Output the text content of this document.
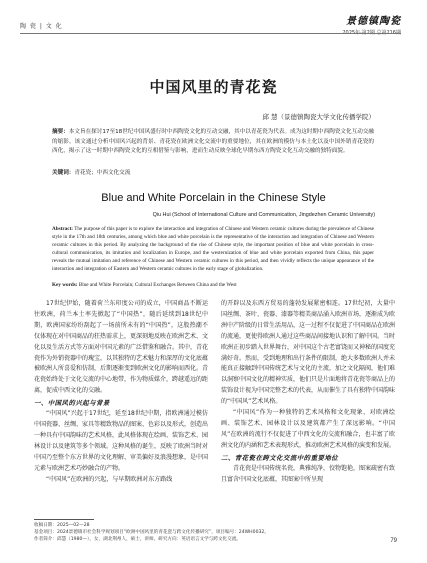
陶 瓷 | 文 化	景德镇陶瓷
2025年·第2期 总第216期
中国风里的青花瓷
邱 慧（景德镇陶瓷大学文化传播学院）
摘要：本文旨在探讨17至18世纪中国风盛行时中西陶瓷文化的互动交融，其中以青花瓷为代表。成为这时期中西陶瓷文化互动交融的缩影。该文通过分析中国风兴起的背景、青花瓷在欧洲文化交流中的重要地位，其在欧洲的模仿与本土化以及中国外销青花瓷的西化，揭示了这一时期中西陶瓷文化的互相借鉴与影响，进而生动反映全球化早期东西方陶瓷文化互动交融的独特面貌。
关键词：青花瓷；中西文化交流
Blue and White Porcelain in the Chinese Style
Qiu Hui (School of International Culture and Communication, Jingdezhen Ceramic University)
Abstract: The purpose of this paper is to explore the interaction and integration of Chinese and Western ceramic cultures during the prevalence of Chinese style in the 17th and 18th centuries, among which blue and white porcelain is the representative of the interaction and integration of Chinese and Western ceramic cultures in this period. By analyzing the background of the rise of Chinese style, the important position of blue and white porcelain in cross-cultural communication, its imitation and localization in Europe, and the westernization of blue and white porcelain exported from China, this paper reveals the mutual imitation and reference of Chinese and Western ceramic cultures in this period, and then vividly reflects the unique appearance of the interaction and integration of Eastern and Western ceramic cultures in the early stage of globalization.
Key words: Blue and White Porcelain; Cultural Exchanges Between China and the West

17世纪伊始，随着荷兰东印度公司的成立，中国商品不断运往欧洲，荷兰本土率先掀起了“中国热”，随后延续到18世纪中期，欧洲国家纷纷刮起了一场前所未有的“中国热”，这股热潮不仅体现在对中国商品的狂热需求上，更深刻地反映在欧洲艺术、文化以及生活方式等方面对中国元素的广泛借鉴和融合。其中，青花瓷作为外销瓷器中的瑰宝，以其独特的艺术魅力和深厚的文化底蕴被欧洲人所喜爱和仿制，后期逐渐变到欧洲文化的影响而西化。青花瓷始终处于文化交流的中心地带，作为物质媒介，跨越遥远的距离，促成中西文化的交融。

一、中国风的兴起与背景

“中国风”兴起于17世纪，延至18世纪中期，指欧洲通过模仿中国瓷器、丝绸、家具等精致物品的图案、色彩以及形式，创造出一种具有中国韵味的艺术风格，此风格体现在绘画、装饰艺术、园林设计以及建筑等多个领域。这种风格的诞生，反映了欧洲当时对中国乃至整个东方世界的文化理解、审美偏好及浪漫想象，是中国元素与欧洲艺术巧妙融合的产物。

“中国风”在欧洲的兴起，与早期欧洲对东方路线

的开辟以及东西方贸易的蓬勃发展紧密相连。17世纪初，大量中国丝绸、茶叶、瓷器、漆器等精美商品涌入欧洲市场，逐渐成为欧洲中产阶级的日常生活用品，这一过程不仅促进了中国商品在欧洲的流通，更使得欧洲人通过这些商品间接地认识和了解中国。当时欧洲正初步踏入世界舞台，对中国这个古老富饶而又神秘的国度充满好奇。然而，受到地理和出行条件的限制，绝大多数欧洲人并未能真正接触到中国传统艺术与文化的主流，加之文化隔阂，他们难以洞察中国文化的精神实质，他们只是片面地将青花瓷等商品上的装饰设计视为中国完整艺术的代表，从而催生了具有独特中国韵味的“中国风”艺术风格。

“中国风”作为一种独特的艺术风格和文化现象，对欧洲绘画、装饰艺术、园林设计以及建筑都产生了深远影响。“中国风”在欧洲的流行不仅促进了中西文化的交流和融合，也丰富了欧洲文化的内涵和艺术表现形式，推动欧洲艺术风格的演变和发展。

二、青花瓷在跨文化交流中的重要地位

青花瓷是中国传统名瓷，典雅纯净，佼物饱艳，图案疏密有致且富含中国文化底蕴，其图案中所呈现

收稿日期：2025—02—28
基金项目：2024景德镇市社会科学规划项目“欧洲中国风里的青花瓷与跨文化传播研究”，项目编号：24WH0032。
作者简介：邱慧（1980—），女，湖北荆州人，硕士，讲师。研究方向：英语语言文学与跨文化交流。	79
